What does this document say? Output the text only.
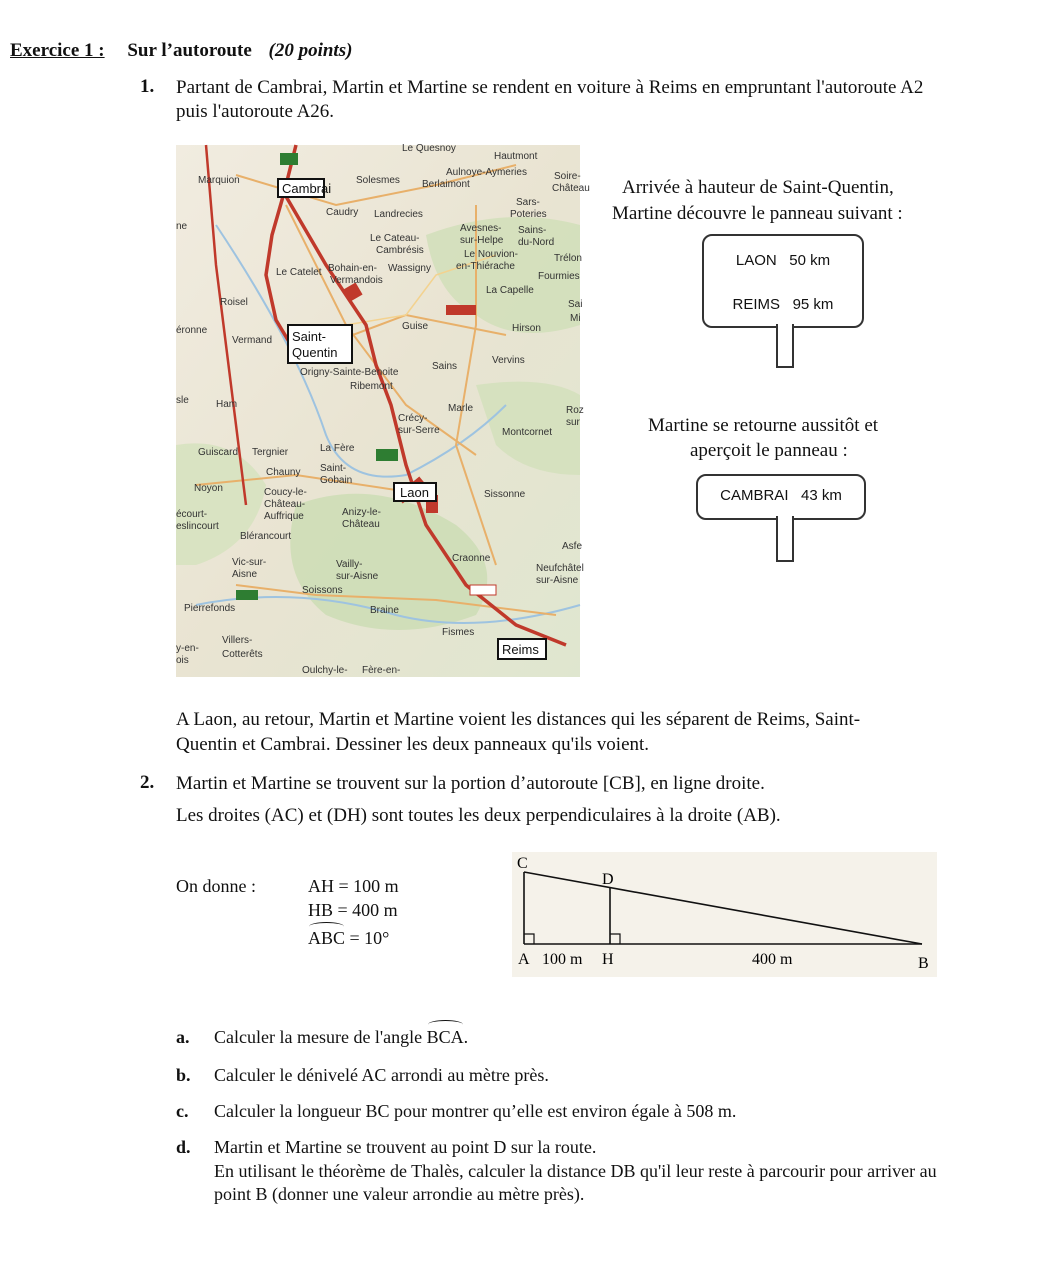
Exercice 1 : Sur l’autoroute (20 points)
1. Partant de Cambrai, Martin et Martine se rendent en voiture à Reims en empruntant l'autoroute A2 puis l'autoroute A26.
Marquion	Solesmes Berlaimont
Aulnoye-Aymeries
Hautmont
Caudry Landrecies
Avesnes-
sur-Helpe
Le Cateau-
Cambrésis	Le Nouvion-
en-Thiérache
Bohain-en-
Vermandois
Wassigny
Le Catelet	Fourmies
La Capelle
Roisel
Guise	Hirson
Vermand
Origny-Sainte-Benoite
Ribemont
Sains
Vervins
Ham	Marle
Crécy-
sur-Serre	Montcornet
Guiscard Tergnier	La Fère
Chauny Saint-
Gobain
Noyon	Coucy-le-
Château-
Auffrique	Anizy-le-
Château
Sissonne
Blérancourt
Vic-sur-
Aisne
Vailly-
sur-Aisne
Craonne
Neufchâtel
sur-Aisne
Soissons
Braine
Pierrefonds
Fismes
Villers-
Cotterêts
Oulchy-le- Fère-en-
Trélon
Sains-
du-Nord
Sars-
Poteries
Le Quesnoy
éronne
sle
écourt-
eslincourt
Asfe
Roz
sur
Mi
Sai
Soire-
Château
ne
y-en-
ois
Cambrai
Saint-
Quentin
Laon
Reims
Arrivée à hauteur de Saint-Quentin,
Martine découvre le panneau suivant :
LAON 50 km
REIMS 95 km
Martine se retourne aussitôt et
aperçoit le panneau :
CAMBRAI 43 km
A Laon, au retour, Martin et Martine voient les distances qui les séparent de Reims, Saint-
Quentin et Cambrai. Dessiner les deux panneaux qu'ils voient.
2. Martin et Martine se trouvent sur la portion d’autoroute [CB], en ligne droite.
Les droites (AC) et (DH) sont toutes les deux perpendiculaires à la droite (AB).
On donne :	AH = 100 m
HB = 400 m
ABC = 10°
C
D
A 100 m H	400 m	B
a. Calculer la mesure de l'angle BCA.
b. Calculer le dénivelé AC arrondi au mètre près.
c. Calculer la longueur BC pour montrer qu’elle est environ égale à 508 m.
d. Martin et Martine se trouvent au point D sur la route.
En utilisant le théorème de Thalès, calculer la distance DB qu'il leur reste à parcourir pour arriver au point B (donner une valeur arrondie au mètre près).
